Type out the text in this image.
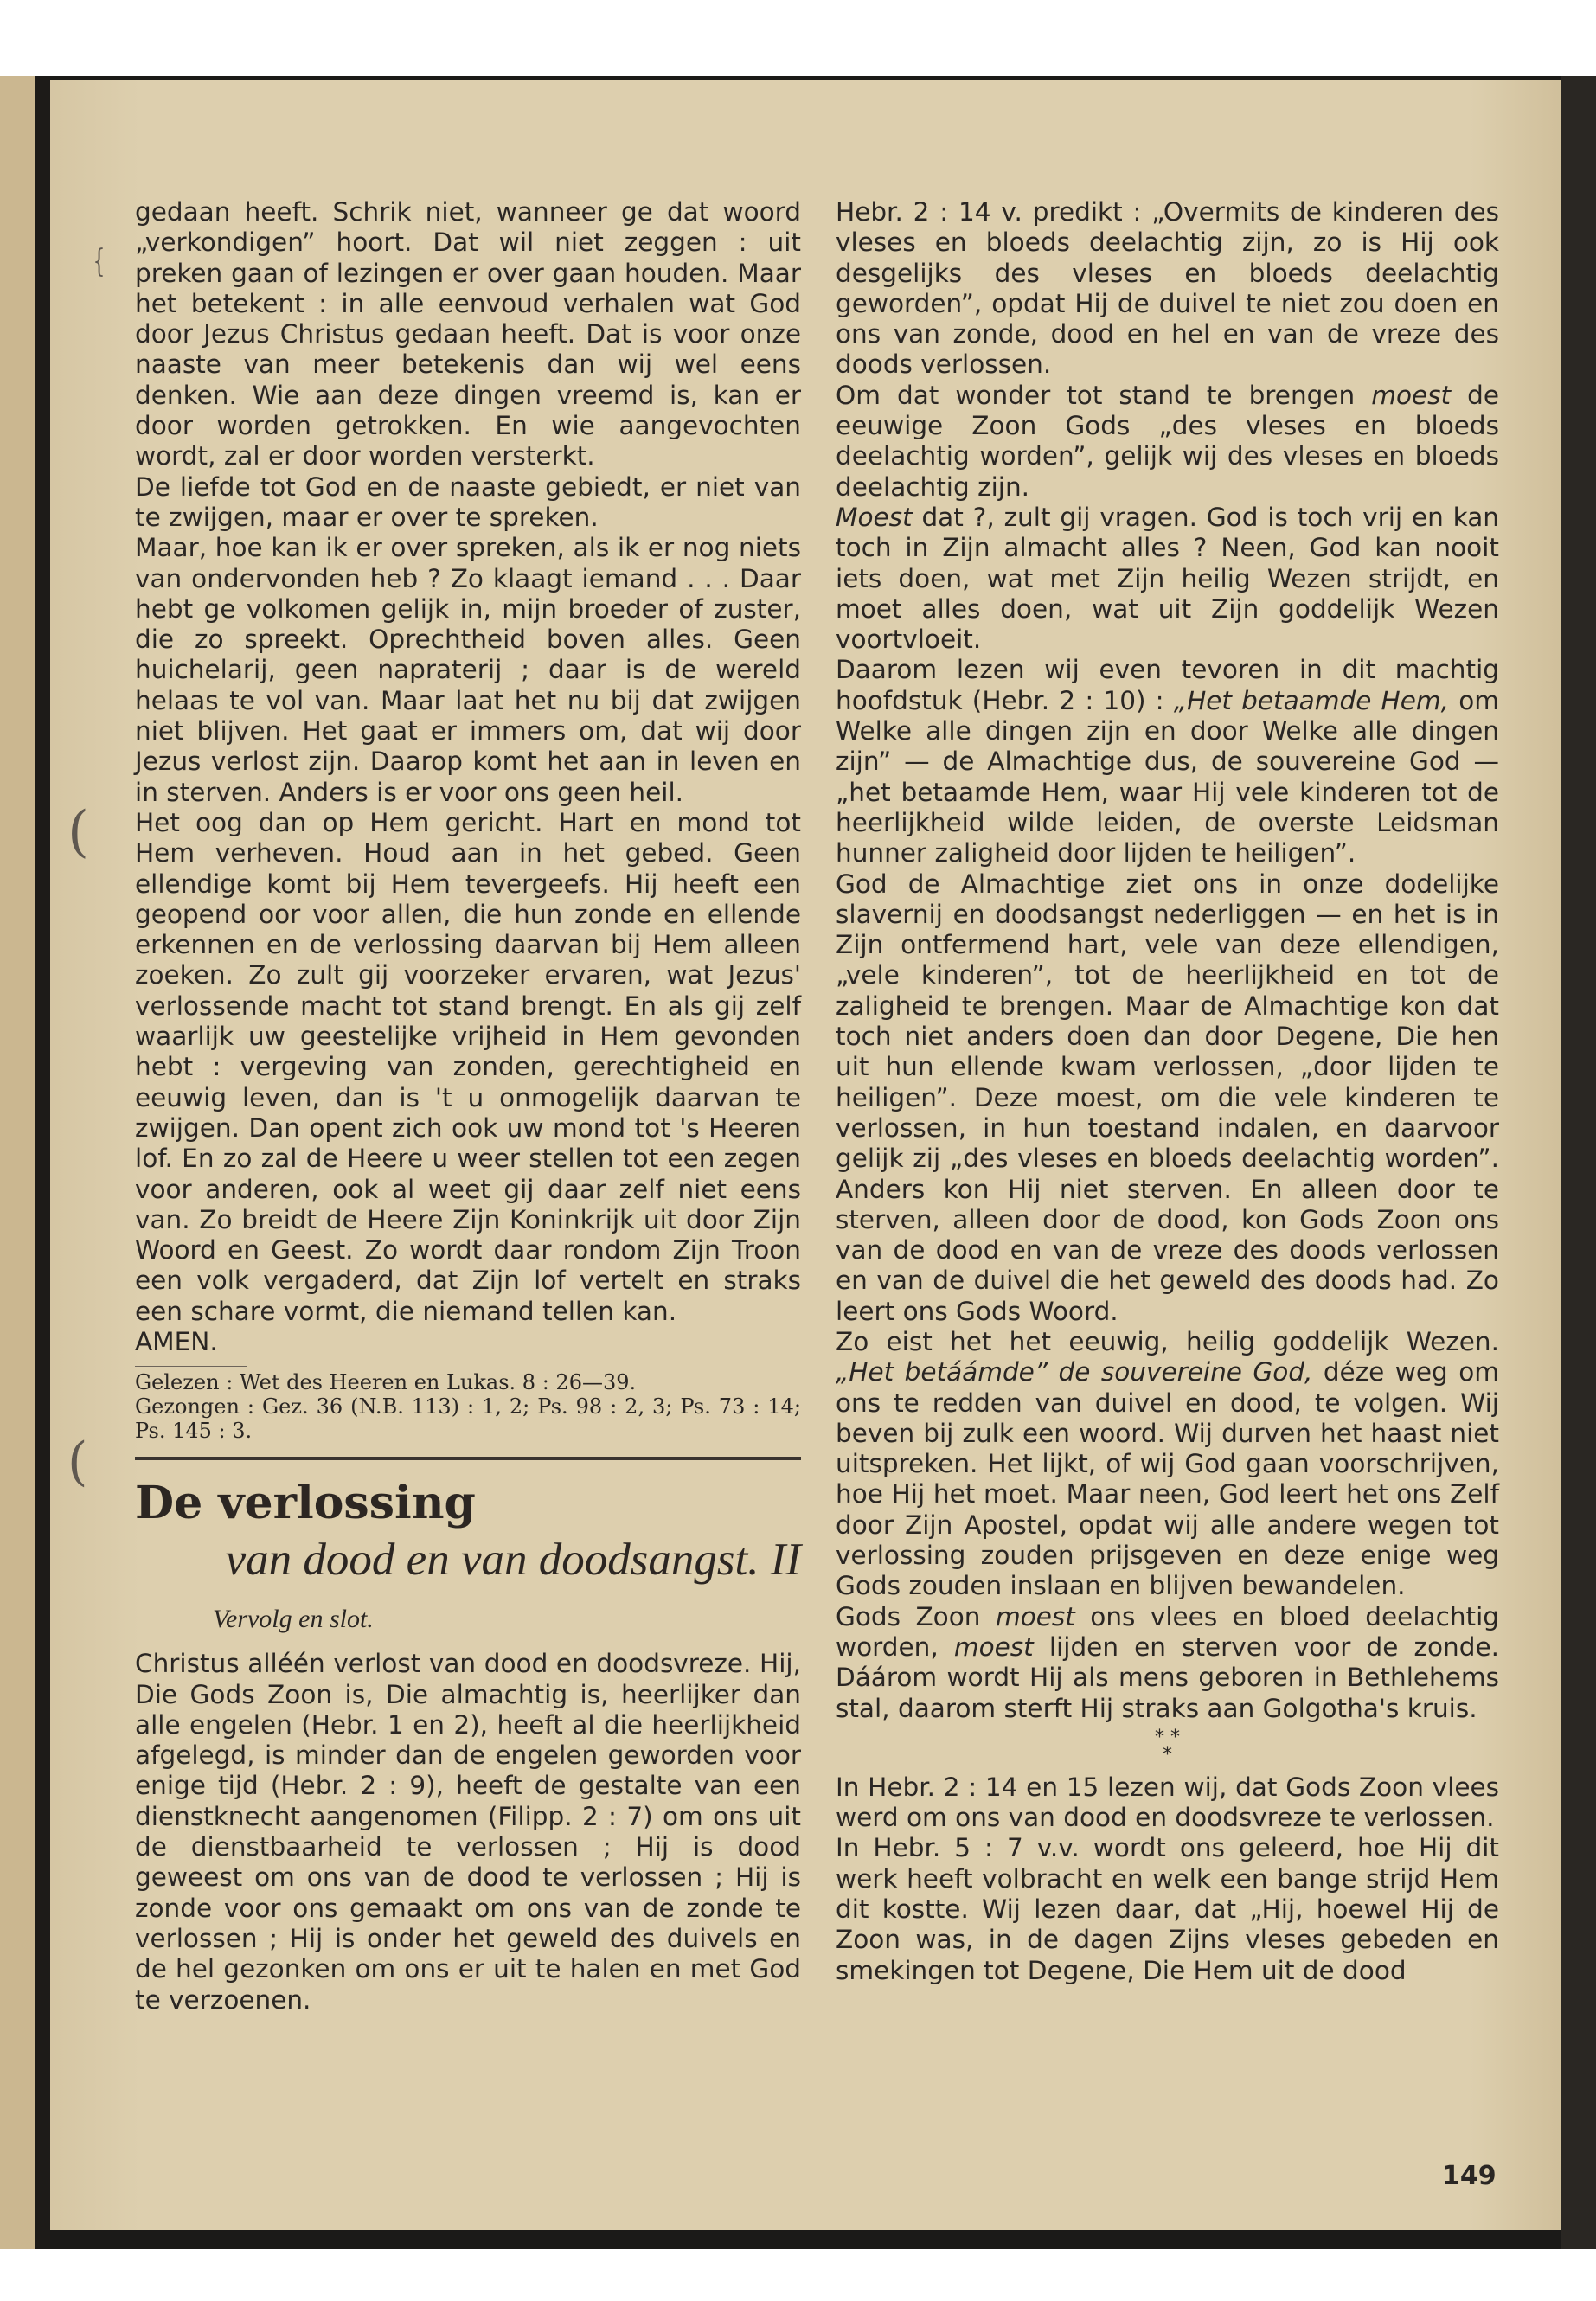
{
(
(

gedaan heeft. Schrik niet, wanneer ge dat woord „verkondigen” hoort. Dat wil niet zeggen : uit preken gaan of lezingen er over gaan houden. Maar het betekent : in alle eenvoud verhalen wat God door Jezus Christus gedaan heeft. Dat is voor onze naaste van meer betekenis dan wij wel eens denken. Wie aan deze dingen vreemd is, kan er door worden getrokken. En wie aangevochten wordt, zal er door worden versterkt.

De liefde tot God en de naaste gebiedt, er niet van te zwijgen, maar er over te spreken.

Maar, hoe kan ik er over spreken, als ik er nog niets van ondervonden heb ? Zo klaagt iemand . . . Daar hebt ge volkomen gelijk in, mijn broeder of zuster, die zo spreekt. Oprechtheid boven alles. Geen huichelarij, geen napraterij ; daar is de wereld helaas te vol van. Maar laat het nu bij dat zwijgen niet blijven. Het gaat er immers om, dat wij door Jezus verlost zijn. Daarop komt het aan in leven en in sterven. Anders is er voor ons geen heil.

Het oog dan op Hem gericht. Hart en mond tot Hem verheven. Houd aan in het gebed. Geen ellendige komt bij Hem tevergeefs. Hij heeft een geopend oor voor allen, die hun zonde en ellende erkennen en de verlossing daarvan bij Hem alleen zoeken. Zo zult gij voorzeker ervaren, wat Jezus' verlossende macht tot stand brengt. En als gij zelf waarlijk uw geestelijke vrijheid in Hem gevonden hebt : vergeving van zonden, gerechtigheid en eeuwig leven, dan is 't u onmogelijk daarvan te zwijgen. Dan opent zich ook uw mond tot 's Heeren lof. En zo zal de Heere u weer stellen tot een zegen voor anderen, ook al weet gij daar zelf niet eens van. Zo breidt de Heere Zijn Koninkrijk uit door Zijn Woord en Geest. Zo wordt daar rondom Zijn Troon een volk vergaderd, dat Zijn lof vertelt en straks een schare vormt, die niemand tellen kan.

AMEN.

Gelezen : Wet des Heeren en Lukas. 8 : 26—39.

Gezongen : Gez. 36 (N.B. 113) : 1, 2; Ps. 98 : 2, 3; Ps. 73 : 14; Ps. 145 : 3.

De verlossing
van dood en van doodsangst. II
Vervolg en slot.

Christus alléén verlost van dood en doodsvreze. Hij, Die Gods Zoon is, Die almachtig is, heerlijker dan alle engelen (Hebr. 1 en 2), heeft al die heerlijkheid afgelegd, is minder dan de engelen geworden voor enige tijd (Hebr. 2 : 9), heeft de gestalte van een dienstknecht aangenomen (Filipp. 2 : 7) om ons uit de dienstbaarheid te verlossen ; Hij is dood geweest om ons van de dood te verlossen ; Hij is zonde voor ons gemaakt om ons van de zonde te verlossen ; Hij is onder het geweld des duivels en de hel gezonken om ons er uit te halen en met God te verzoenen.

Hebr. 2 : 14 v. predikt : „Overmits de kinderen des vleses en bloeds deelachtig zijn, zo is Hij ook desgelijks des vleses en bloeds deelachtig geworden”, opdat Hij de duivel te niet zou doen en ons van zonde, dood en hel en van de vreze des doods verlossen.

Om dat wonder tot stand te brengen moest de eeuwige Zoon Gods „des vleses en bloeds deelachtig worden”, gelijk wij des vleses en bloeds deelachtig zijn.

Moest dat ?, zult gij vragen. God is toch vrij en kan toch in Zijn almacht alles ? Neen, God kan nooit iets doen, wat met Zijn heilig Wezen strijdt, en moet alles doen, wat uit Zijn goddelijk Wezen voortvloeit.

Daarom lezen wij even tevoren in dit machtig hoofdstuk (Hebr. 2 : 10) : „Het betaamde Hem, om Welke alle dingen zijn en door Welke alle dingen zijn” — de Almachtige dus, de souvereine God — „het betaamde Hem, waar Hij vele kinderen tot de heerlijkheid wilde leiden, de overste Leidsman hunner zaligheid door lijden te heiligen”.

God de Almachtige ziet ons in onze dodelijke slavernij en doodsangst nederliggen — en het is in Zijn ontfermend hart, vele van deze ellendigen, „vele kinderen”, tot de heerlijkheid en tot de zaligheid te brengen. Maar de Almachtige kon dat toch niet anders doen dan door Degene, Die hen uit hun ellende kwam verlossen, „door lijden te heiligen”. Deze moest, om die vele kinderen te verlossen, in hun toestand indalen, en daarvoor gelijk zij „des vleses en bloeds deelachtig worden”. Anders kon Hij niet sterven. En alleen door te sterven, alleen door de dood, kon Gods Zoon ons van de dood en van de vreze des doods verlossen en van de duivel die het geweld des doods had. Zo leert ons Gods Woord.

Zo eist het het eeuwig, heilig goddelijk Wezen. „Het betáámde” de souvereine God, déze weg om ons te redden van duivel en dood, te volgen. Wij beven bij zulk een woord. Wij durven het haast niet uitspreken. Het lijkt, of wij God gaan voorschrijven, hoe Hij het moet. Maar neen, God leert het ons Zelf door Zijn Apostel, opdat wij alle andere wegen tot verlossing zouden prijsgeven en deze enige weg Gods zouden inslaan en blijven bewandelen.

Gods Zoon moest ons vlees en bloed deelachtig worden, moest lijden en sterven voor de zonde. Dáárom wordt Hij als mens geboren in Bethlehems stal, daarom sterft Hij straks aan Golgotha's kruis.

* *
*

In Hebr. 2 : 14 en 15 lezen wij, dat Gods Zoon vlees werd om ons van dood en doodsvreze te verlossen.

In Hebr. 5 : 7 v.v. wordt ons geleerd, hoe Hij dit werk heeft volbracht en welk een bange strijd Hem dit kostte. Wij lezen daar, dat „Hij, hoewel Hij de Zoon was, in de dagen Zijns vleses gebeden en smekingen tot Degene, Die Hem uit de dood

149
